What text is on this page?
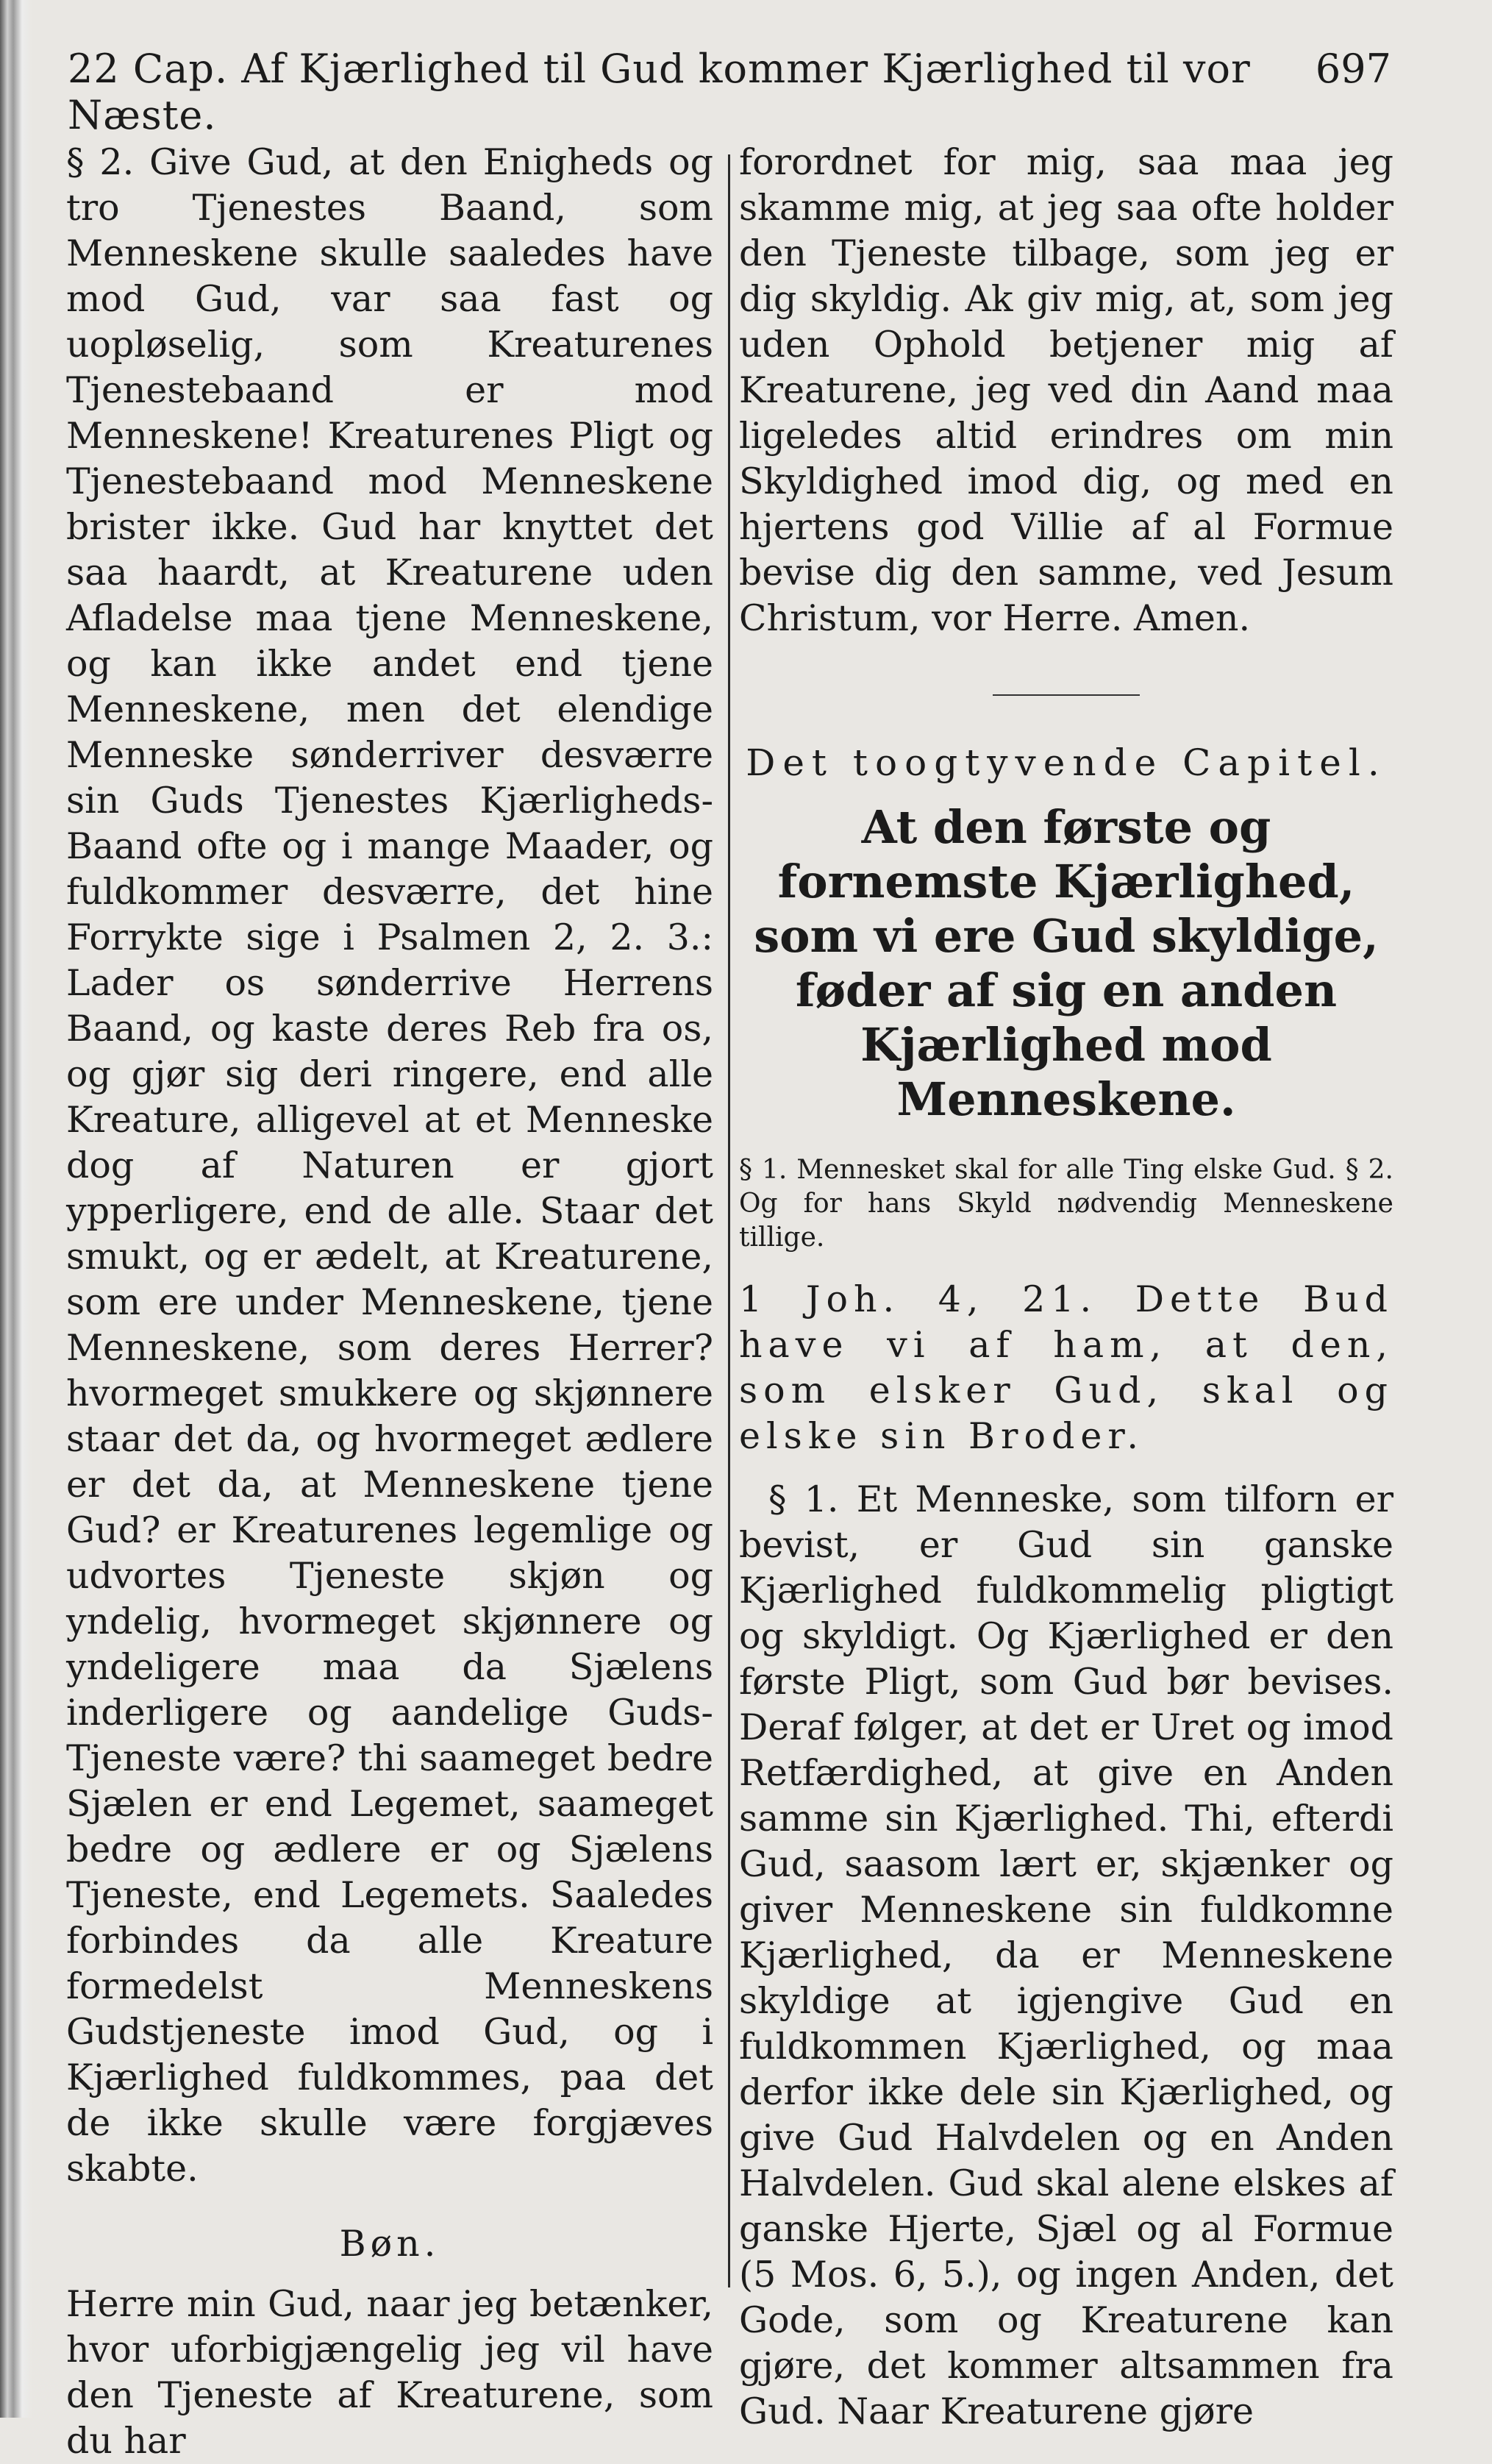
22 Cap. Af Kjærlighed til Gud kommer Kjærlighed til vor Næste.
697

§ 2. Give Gud, at den Enigheds og tro Tjenestes Baand, som Menneskene skulle saaledes have mod Gud, var saa fast og uopløselig, som Kreaturenes Tjenestebaand er mod Menneskene! Kreaturenes Pligt og Tjenestebaand mod Menneskene brister ikke. Gud har knyttet det saa haardt, at Kreaturene uden Afladelse maa tjene Menneskene, og kan ikke andet end tjene Menneskene, men det elendige Menneske sønderriver desværre sin Guds Tjenestes Kjærligheds-Baand ofte og i mange Maader, og fuldkommer desværre, det hine Forrykte sige i Psalmen 2, 2. 3.: Lader os sønderrive Herrens Baand, og kaste deres Reb fra os, og gjør sig deri ringere, end alle Kreature, alligevel at et Menneske dog af Naturen er gjort ypperligere, end de alle. Staar det smukt, og er ædelt, at Kreaturene, som ere under Menneskene, tjene Menneskene, som deres Herrer? hvormeget smukkere og skjønnere staar det da, og hvormeget ædlere er det da, at Menneskene tjene Gud? er Kreaturenes legemlige og udvortes Tjeneste skjøn og yndelig, hvormeget skjønnere og yndeligere maa da Sjælens inderligere og aandelige Guds-Tjeneste være? thi saameget bedre Sjælen er end Legemet, saameget bedre og ædlere er og Sjælens Tjeneste, end Legemets. Saaledes forbindes da alle Kreature formedelst Menneskens Gudstjeneste imod Gud, og i Kjærlighed fuldkommes, paa det de ikke skulle være forgjæves skabte.

Bøn.

Herre min Gud, naar jeg betænker, hvor uforbigjængelig jeg vil have den Tjeneste af Kreaturene, som du har

forordnet for mig, saa maa jeg skamme mig, at jeg saa ofte holder den Tjeneste tilbage, som jeg er dig skyldig. Ak giv mig, at, som jeg uden Ophold betjener mig af Kreaturene, jeg ved din Aand maa ligeledes altid erindres om min Skyldighed imod dig, og med en hjertens god Villie af al Formue bevise dig den samme, ved Jesum Christum, vor Herre. Amen.

Det toogtyvende Capitel.

At den første og fornemste Kjærlighed, som vi ere Gud skyldige, føder af sig en anden Kjærlighed mod Menneskene.

§ 1. Mennesket skal for alle Ting elske Gud. § 2. Og for hans Skyld nødvendig Menneskene tillige.

1 Joh. 4, 21. Dette Bud have vi af ham, at den, som elsker Gud, skal og elske sin Broder.

§ 1. Et Menneske, som tilforn er bevist, er Gud sin ganske Kjærlighed fuldkommelig pligtigt og skyldigt. Og Kjærlighed er den første Pligt, som Gud bør bevises. Deraf følger, at det er Uret og imod Retfærdighed, at give en Anden samme sin Kjærlighed. Thi, efterdi Gud, saasom lært er, skjænker og giver Menneskene sin fuldkomne Kjærlighed, da er Menneskene skyldige at igjengive Gud en fuldkommen Kjærlighed, og maa derfor ikke dele sin Kjærlighed, og give Gud Halvdelen og en Anden Halvdelen. Gud skal alene elskes af ganske Hjerte, Sjæl og al Formue (5 Mos. 6, 5.), og ingen Anden, det Gode, som og Kreaturene kan gjøre, det kommer altsammen fra Gud. Naar Kreaturene gjøre
